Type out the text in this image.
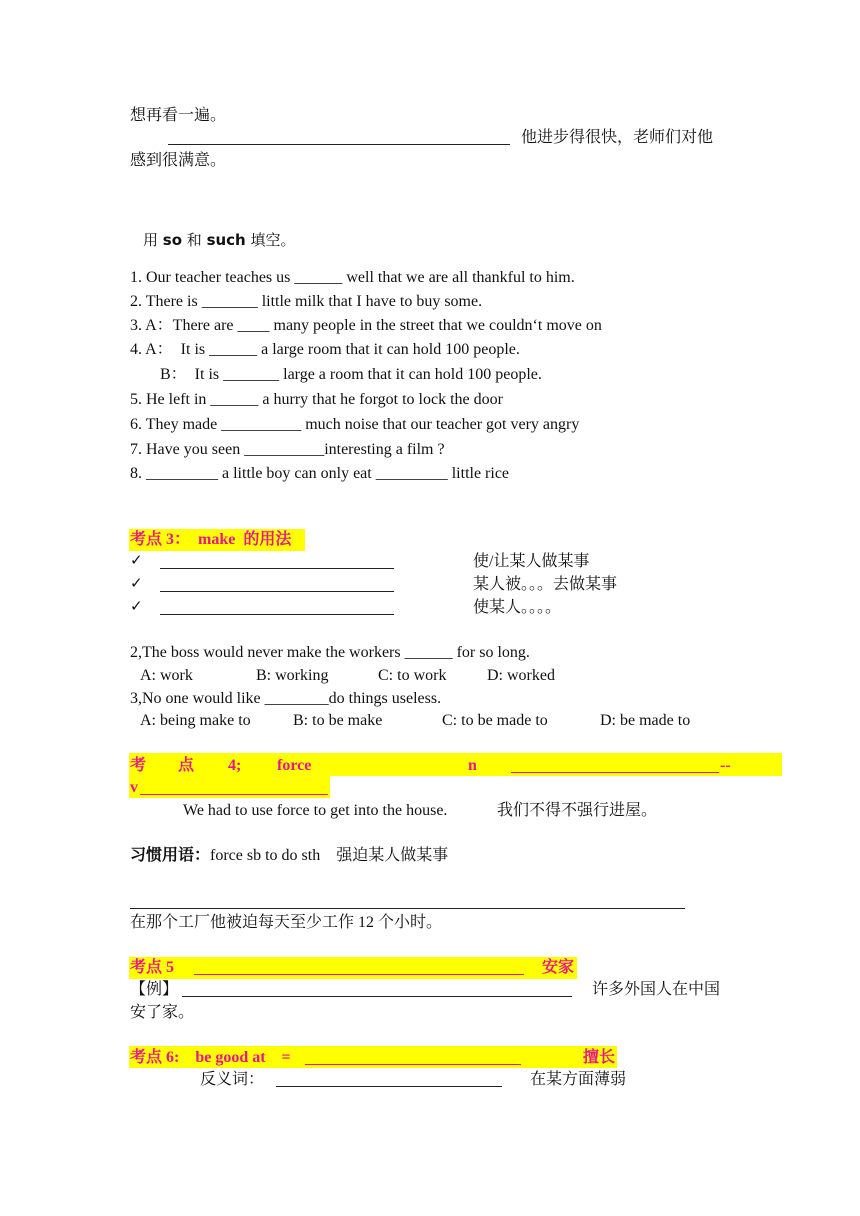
想再看一遍。
他进步得很快，老师们对他
感到很满意。
用 so 和 such 填空。
1. Our teacher teaches us ______ well that we are all thankful to him.
2. There is _______ little milk that I have to buy some.
3. A：There are ____ many people in the street that we couldn‘t move on
4. A：  It is ______ a large room that it can hold 100 people.
B：  It is _______ large a room that it can hold 100 people.
5. He left in ______ a hurry that he forgot to lock the door
6. They made __________ much noise that our teacher got very angry
7. Have you seen __________interesting a film ?
8. _________ a little boy can only eat _________ little rice
考点 3：  make  的用法
✓	使/让某人做某事
✓	某人被。。。去做某事
✓	使某人。。。。
2,The boss would never make the workers ______ for so long.
A: work	B: working	C: to work	D: worked
3,No one would like ________do things useless.
A: being make to	B: to be make	C: to be made to	D: be made to
考 点 4; force	n	--
v
We had to use force to get into the house.	我们不得不强行进屋。
习惯用语：force sb to do sth    强迫某人做某事
在那个工厂他被迫每天至少工作 12 个小时。
考点 5	安家
【例】	许多外国人在中国
安了家。
考点 6:    be good at    =	擅长
反义词：	在某方面薄弱
